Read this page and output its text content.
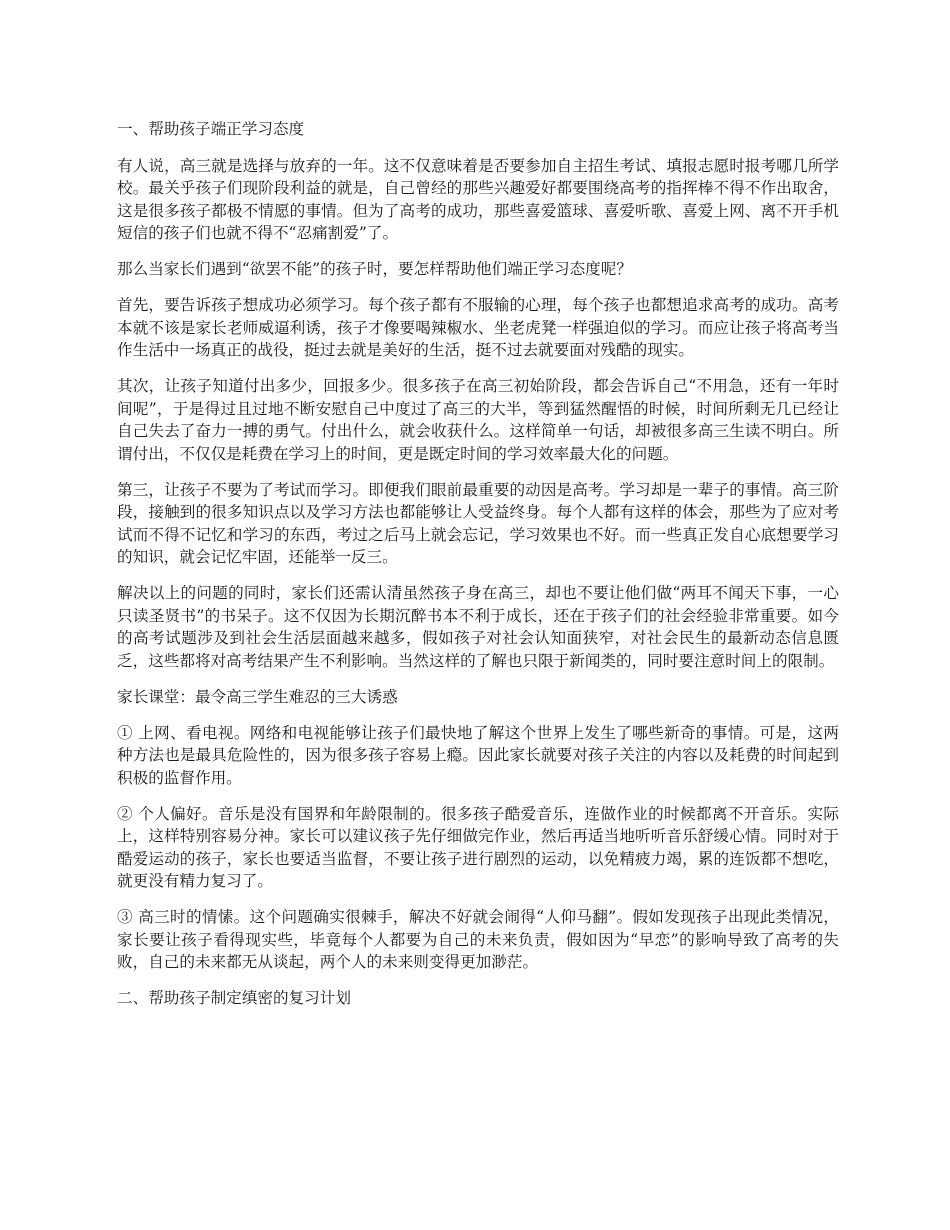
一、帮助孩子端正学习态度

有人说，高三就是选择与放弃的一年。这不仅意味着是否要参加自主招生考试、填报志愿时报考哪几所学校。最关乎孩子们现阶段利益的就是，自己曾经的那些兴趣爱好都要围绕高考的指挥棒不得不作出取舍，这是很多孩子都极不情愿的事情。但为了高考的成功，那些喜爱篮球、喜爱听歌、喜爱上网、离不开手机短信的孩子们也就不得不“忍痛割爱”了。

那么当家长们遇到“欲罢不能”的孩子时，要怎样帮助他们端正学习态度呢？

首先，要告诉孩子想成功必须学习。每个孩子都有不服输的心理，每个孩子也都想追求高考的成功。高考本就不该是家长老师威逼利诱，孩子才像要喝辣椒水、坐老虎凳一样强迫似的学习。而应让孩子将高考当作生活中一场真正的战役，挺过去就是美好的生活，挺不过去就要面对残酷的现实。

其次，让孩子知道付出多少，回报多少。很多孩子在高三初始阶段，都会告诉自己“不用急，还有一年时间呢”，于是得过且过地不断安慰自己中度过了高三的大半，等到猛然醒悟的时候，时间所剩无几已经让自己失去了奋力一搏的勇气。付出什么，就会收获什么。这样简单一句话，却被很多高三生读不明白。所谓付出，不仅仅是耗费在学习上的时间，更是既定时间的学习效率最大化的问题。

第三，让孩子不要为了考试而学习。即便我们眼前最重要的动因是高考。学习却是一辈子的事情。高三阶段，接触到的很多知识点以及学习方法也都能够让人受益终身。每个人都有这样的体会，那些为了应对考试而不得不记忆和学习的东西，考过之后马上就会忘记，学习效果也不好。而一些真正发自心底想要学习的知识，就会记忆牢固，还能举一反三。

解决以上的问题的同时，家长们还需认清虽然孩子身在高三，却也不要让他们做“两耳不闻天下事，一心只读圣贤书”的书呆子。这不仅因为长期沉醉书本不利于成长，还在于孩子们的社会经验非常重要。如今的高考试题涉及到社会生活层面越来越多，假如孩子对社会认知面狭窄，对社会民生的最新动态信息匮乏，这些都将对高考结果产生不利影响。当然这样的了解也只限于新闻类的，同时要注意时间上的限制。

家长课堂：最令高三学生难忍的三大诱惑

① 上网、看电视。网络和电视能够让孩子们最快地了解这个世界上发生了哪些新奇的事情。可是，这两种方法也是最具危险性的，因为很多孩子容易上瘾。因此家长就要对孩子关注的内容以及耗费的时间起到积极的监督作用。

② 个人偏好。音乐是没有国界和年龄限制的。很多孩子酷爱音乐，连做作业的时候都离不开音乐。实际上，这样特别容易分神。家长可以建议孩子先仔细做完作业，然后再适当地听听音乐舒缓心情。同时对于酷爱运动的孩子，家长也要适当监督，不要让孩子进行剧烈的运动，以免精疲力竭，累的连饭都不想吃，就更没有精力复习了。

③ 高三时的情愫。这个问题确实很棘手，解决不好就会闹得“人仰马翻”。假如发现孩子出现此类情况，家长要让孩子看得现实些，毕竟每个人都要为自己的未来负责，假如因为“早恋”的影响导致了高考的失败，自己的未来都无从谈起，两个人的未来则变得更加渺茫。

二、帮助孩子制定缜密的复习计划
